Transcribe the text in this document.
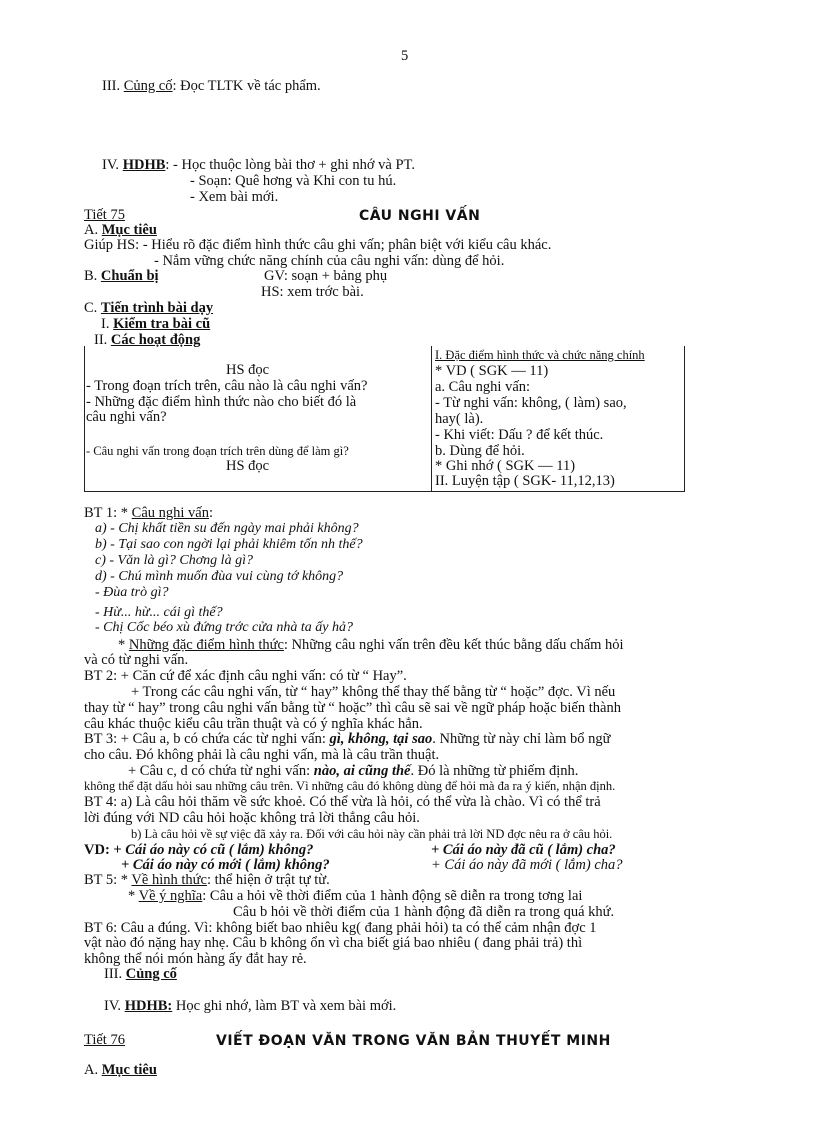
5
III. Củng cố: Đọc TLTK về tác phẩm.
IV. HDHB: - Học thuộc lòng bài thơ + ghi nhớ và PT.
- Soạn: Quê hơng và Khi con tu hú.
- Xem bài mới.
Tiết 75	CÂU NGHI VẤN
A. Mục tiêu
Giúp HS: - Hiểu rõ đặc điểm hình thức câu ghi vấn; phân biệt với kiểu câu khác.
- Nắm vững chức năng chính của câu nghi vấn: dùng để hỏi.
B. Chuẩn bị	GV: soạn + bảng phụ
HS: xem trớc bài.
C. Tiến trình bài dạy
I. Kiểm tra bài cũ
II. Các hoạt động
HS đọc
- Trong đoạn trích trên, câu nào là câu nghi vấn?
- Những đặc điểm hình thức nào cho biết đó là
câu nghi vấn?
- Câu nghi vấn trong đoạn trích trên dùng để làm gì?
HS đọc
I. Đặc điểm hình thức và chức năng chính
* VD ( SGK — 11)
a. Câu nghi vấn:
- Từ nghi vấn: không, ( làm) sao,
hay( là).
- Khi viết: Dấu ? để kết thúc.
b. Dùng để hỏi.
* Ghi nhớ ( SGK — 11)
II. Luyện tập ( SGK- 11,12,13)
BT 1: * Câu nghi vấn:
a) - Chị khất tiền su đến ngày mai phải không?
b) - Tại sao con ngời lại phải khiêm tốn nh thế?
c) - Văn là gì? Chơng là gì?
d) - Chú mình muốn đùa vui cùng tớ không?
- Đùa trò gì?
- Hừ... hừ... cái gì thế?
- Chị Cốc béo xù đứng trớc cửa nhà ta ấy hả?
* Những đặc điểm hình thức: Những câu nghi vấn trên đều kết thúc bằng dấu chấm hỏi
và có từ nghi vấn.
BT 2: + Căn cứ để xác định câu nghi vấn: có từ “ Hay”.
+ Trong các câu nghi vấn, từ “ hay” không thể thay thế bằng từ “ hoặc” đợc. Vì nếu
thay từ “ hay” trong câu nghi vấn bằng từ “ hoặc” thì câu sẽ sai về ngữ pháp hoặc biến thành
câu khác thuộc kiểu câu trần thuật và có ý nghĩa khác hẳn.
BT 3: + Câu a, b có chứa các từ nghi vấn: gì, không, tại sao. Những từ này chỉ làm bổ ngữ
cho câu. Đó không phải là câu nghi vấn, mà là câu trần thuật.
+ Câu c, d có chứa từ nghi vấn: nào, ai cũng thế. Đó là những từ phiếm định.
không thể đặt dấu hỏi sau những câu trên. Vì những câu đó không dùng để hỏi mà đa ra ý kiến, nhận định.
BT 4: a) Là câu hỏi thăm về sức khoẻ. Có thể vừa là hỏi, có thể vừa là chào. Vì có thể trả
lời đúng với ND câu hỏi hoặc không trả lời thẳng câu hỏi.
b) Là câu hỏi về sự việc đã xảy ra. Đối với câu hỏi này cần phải trả lời ND đợc nêu ra ở câu hỏi.
VD: + Cái áo này có cũ ( lắm) không?	+ Cái áo này đã cũ ( lắm) cha?
+ Cái áo này có mới ( lắm) không?	+ Cái áo này đã mới ( lắm) cha?
BT 5: * Về hình thức: thể hiện ở trật tự từ.
* Về ý nghĩa: Câu a hỏi về thời điểm của 1 hành động sẽ diễn ra trong tơng lai
Câu b hỏi về thời điểm của 1 hành động đã diễn ra trong quá khứ.
BT 6: Câu a đúng. Vì: không biết bao nhiêu kg( đang phải hỏi) ta có thể cảm nhận đợc 1
vật nào đó nặng hay nhẹ. Câu b không ổn vì cha biết giá bao nhiêu ( đang phải trả) thì
không thể nói món hàng ấy đắt hay rẻ.
III. Củng cố
IV. HDHB: Học ghi nhớ, làm BT và xem bài mới.
Tiết 76	VIẾT ĐOẠN VĂN TRONG VĂN BẢN THUYẾT MINH
A. Mục tiêu
